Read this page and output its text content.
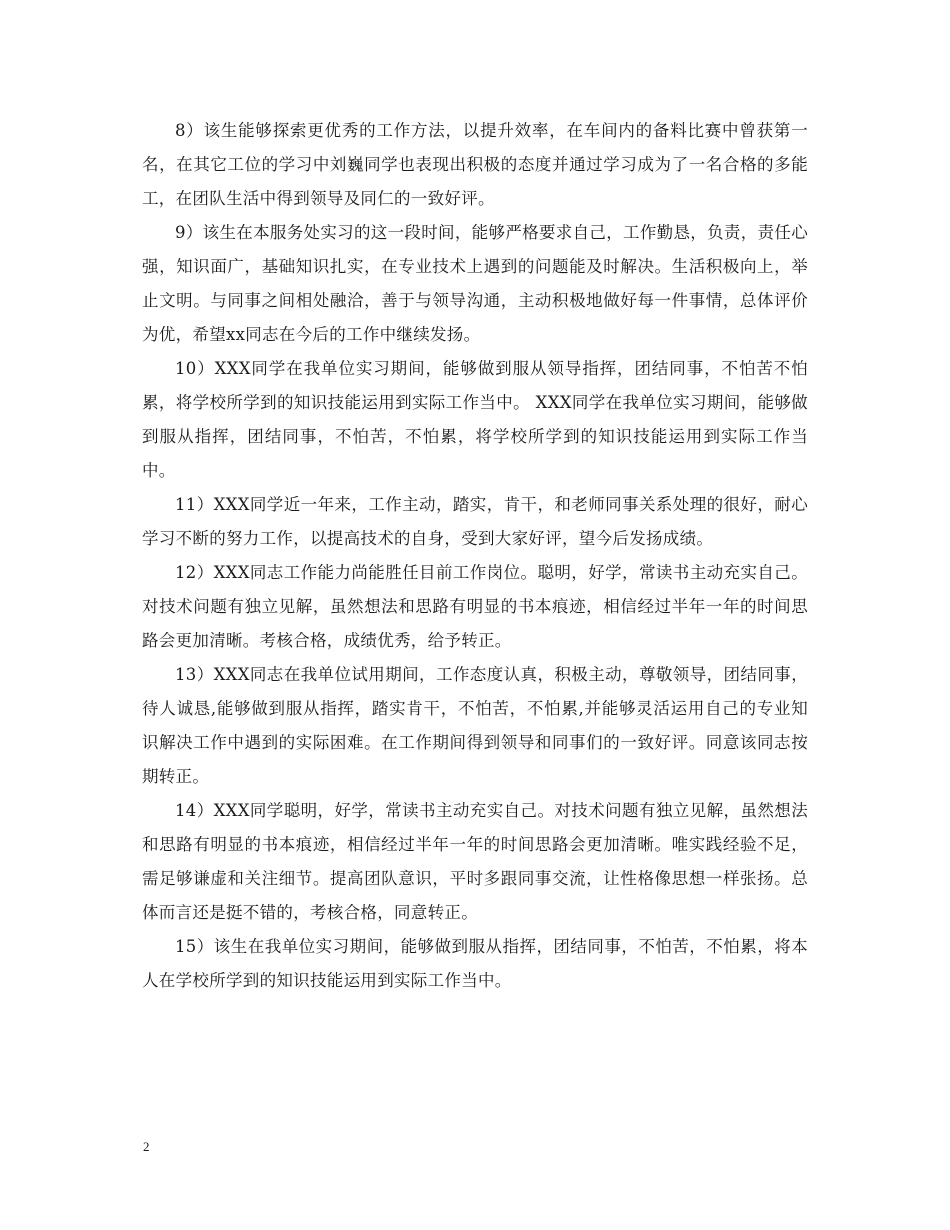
8）该生能够探索更优秀的工作方法，以提升效率，在车间内的备料比赛中曾获第一名，在其它工位的学习中刘巍同学也表现出积极的态度并通过学习成为了一名合格的多能工，在团队生活中得到领导及同仁的一致好评。

9）该生在本服务处实习的这一段时间，能够严格要求自己，工作勤恳，负责，责任心强，知识面广，基础知识扎实，在专业技术上遇到的问题能及时解决。生活积极向上，举止文明。与同事之间相处融洽，善于与领导沟通，主动积极地做好每一件事情，总体评价为优，希望xx同志在今后的工作中继续发扬。

10）XXX同学在我单位实习期间，能够做到服从领导指挥，团结同事，不怕苦不怕累，将学校所学到的知识技能运用到实际工作当中。 XXX同学在我单位实习期间，能够做到服从指挥，团结同事，不怕苦，不怕累，将学校所学到的知识技能运用到实际工作当中。

11）XXX同学近一年来，工作主动，踏实，肯干，和老师同事关系处理的很好，耐心学习不断的努力工作，以提高技术的自身，受到大家好评，望今后发扬成绩。

12）XXX同志工作能力尚能胜任目前工作岗位。聪明，好学，常读书主动充实自己。对技术问题有独立见解，虽然想法和思路有明显的书本痕迹，相信经过半年一年的时间思路会更加清晰。考核合格，成绩优秀，给予转正。

13）XXX同志在我单位试用期间，工作态度认真，积极主动，尊敬领导，团结同事，待人诚恳,能够做到服从指挥，踏实肯干，不怕苦，不怕累,并能够灵活运用自己的专业知识解决工作中遇到的实际困难。在工作期间得到领导和同事们的一致好评。同意该同志按期转正。

14）XXX同学聪明，好学，常读书主动充实自己。对技术问题有独立见解，虽然想法和思路有明显的书本痕迹，相信经过半年一年的时间思路会更加清晰。唯实践经验不足，需足够谦虚和关注细节。提高团队意识，平时多跟同事交流，让性格像思想一样张扬。总体而言还是挺不错的，考核合格，同意转正。

15）该生在我单位实习期间，能够做到服从指挥，团结同事，不怕苦，不怕累，将本人在学校所学到的知识技能运用到实际工作当中。

2
